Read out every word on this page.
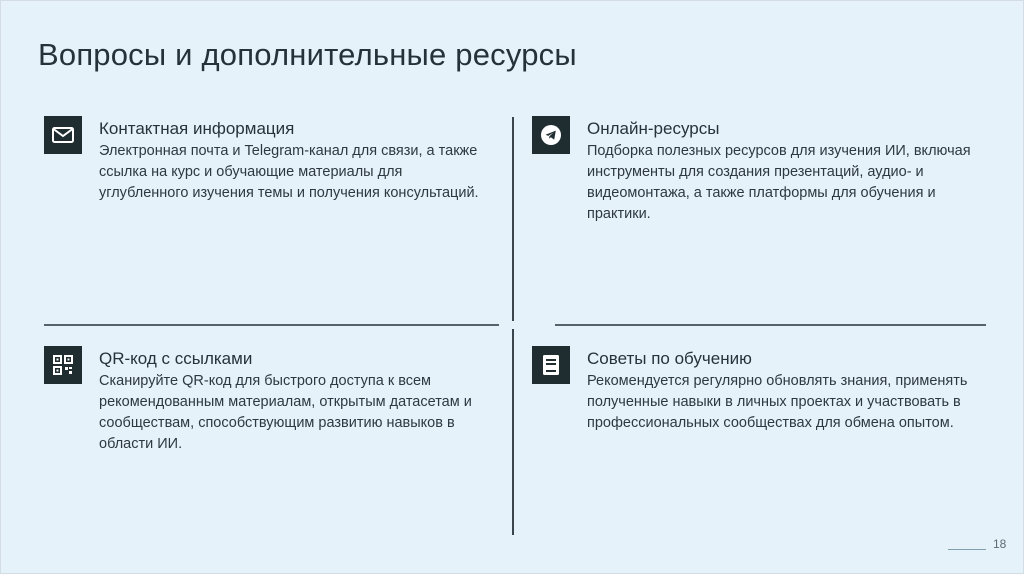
Вопросы и дополнительные ресурсы
Контактная информация
Электронная почта и Telegram-канал для связи, а также ссылка на курс и обучающие материалы для углубленного изучения темы и получения консультаций.
Онлайн-ресурсы
Подборка полезных ресурсов для изучения ИИ, включая инструменты для создания презентаций, аудио- и видеомонтажа, а также платформы для обучения и практики.
QR-код с ссылками
Сканируйте QR-код для быстрого доступа к всем рекомендованным материалам, открытым датасетам и сообществам, способствующим развитию навыков в области ИИ.
Советы по обучению
Рекомендуется регулярно обновлять знания, применять полученные навыки в личных проектах и участвовать в профессиональных сообществах для обмена опытом.
18
